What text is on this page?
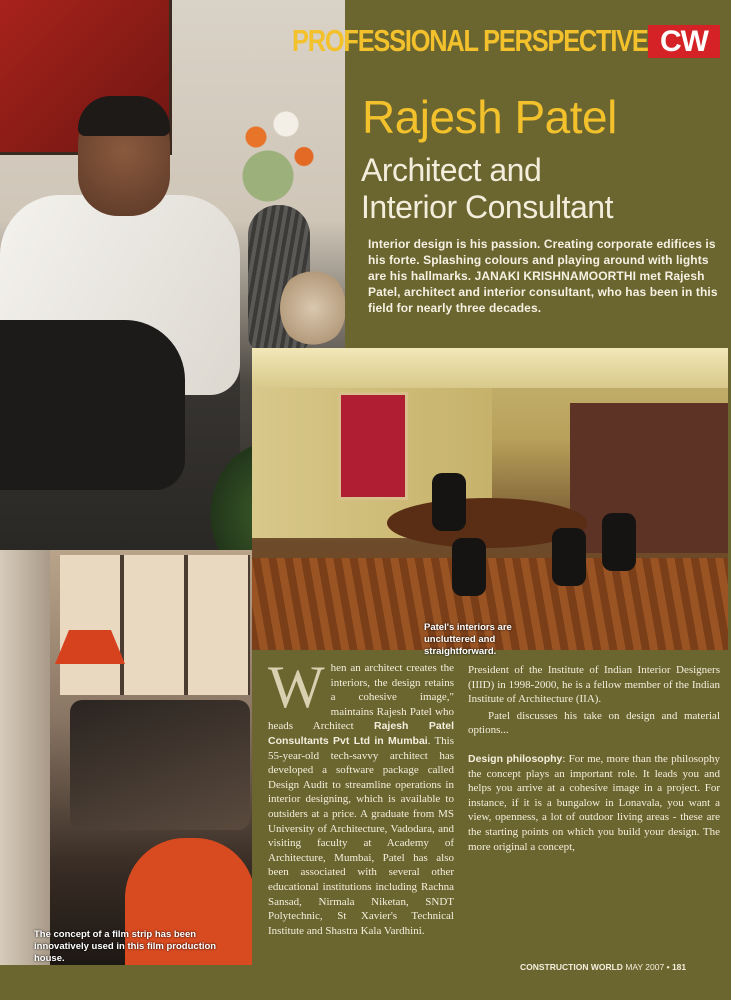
Patel's interiors are uncluttered and straightforward.
The concept of a film strip has been innovatively used in this film production house.
PROFESSIONAL PERSPECTIVE CW
Rajesh Patel
Architect and
Interior Consultant
Interior design is his passion. Creating corporate edifices is his forte. Splashing colours and playing around with lights are his hallmarks. JANAKI KRISHNAMOORTHI met Rajesh Patel, architect and interior consultant, who has been in this field for nearly three decades.

When an architect creates the interiors, the design retains a cohesive image," maintains Rajesh Patel who heads Architect Rajesh Patel Consultants Pvt Ltd in Mumbai. This 55-year-old tech-savvy architect has developed a software package called Design Audit to streamline operations in interior designing, which is available to outsiders at a price. A graduate from MS University of Architecture, Vadodara, and visiting faculty at Academy of Architecture, Mumbai, Patel has also been associated with several other educational institutions including Rachna Sansad, Nirmala Niketan, SNDT Polytechnic, St Xavier's Technical Institute and Shastra Kala Vardhini.

President of the Institute of Indian Interior Designers (IIID) in 1998-2000, he is a fellow member of the Indian Institute of Architecture (IIA).

Patel discusses his take on design and material options...

Design philosophy: For me, more than the philosophy the concept plays an important role. It leads you and helps you arrive at a cohesive image in a project. For instance, if it is a bungalow in Lonavala, you want a view, openness, a lot of outdoor living areas - these are the starting points on which you build your design. The more original a concept,

CONSTRUCTION WORLD MAY 2007 • 181
